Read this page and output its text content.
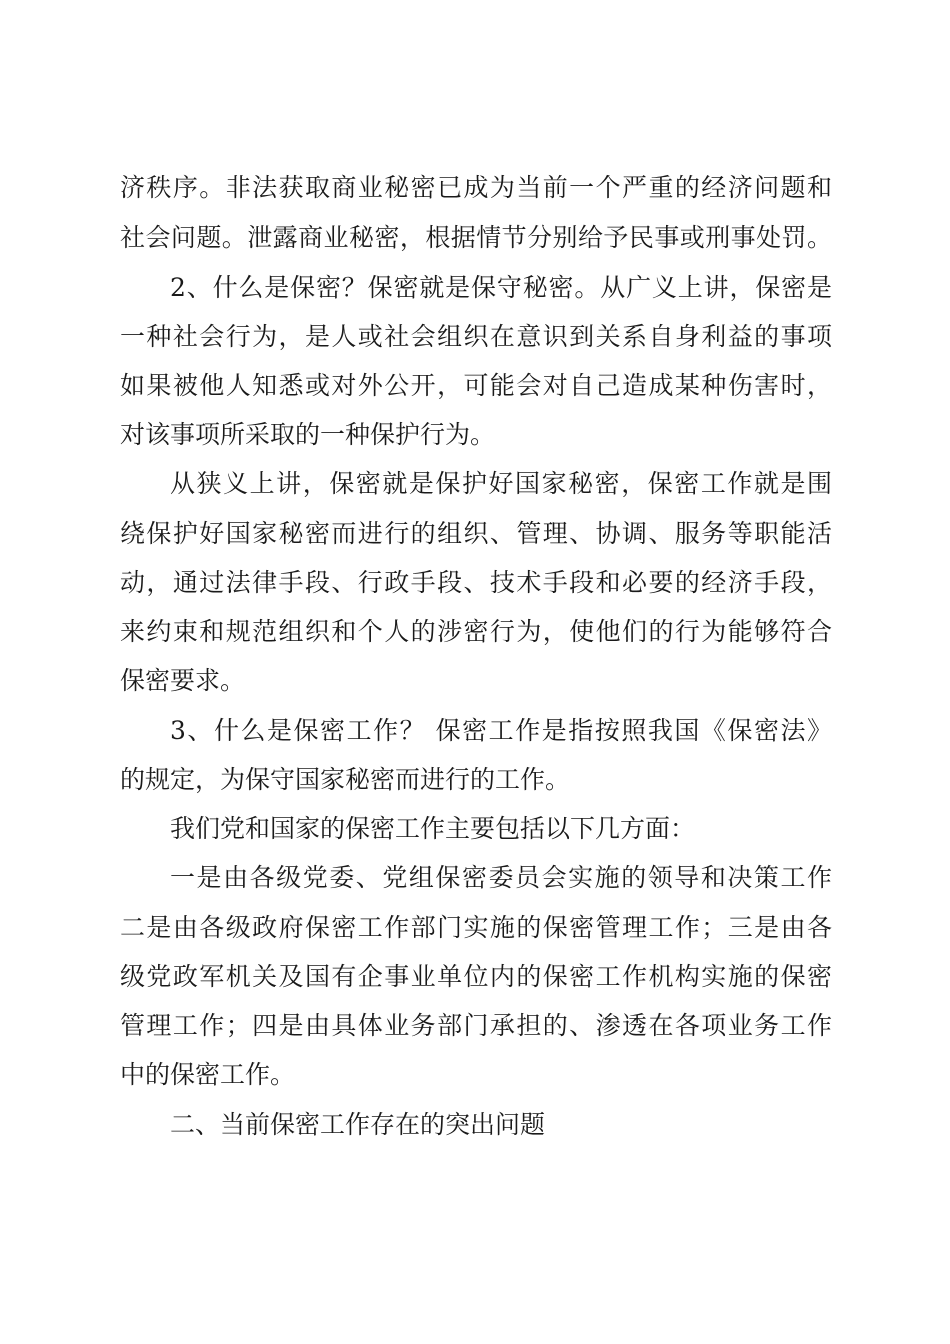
济秩序。非法获取商业秘密已成为当前一个严重的经济问题和
社会问题。泄露商业秘密，根据情节分别给予民事或刑事处罚。
2、什么是保密？保密就是保守秘密。从广义上讲，保密是
一种社会行为，是人或社会组织在意识到关系自身利益的事项
如果被他人知悉或对外公开，可能会对自己造成某种伤害时，
对该事项所采取的一种保护行为。
从狭义上讲，保密就是保护好国家秘密，保密工作就是围
绕保护好国家秘密而进行的组织、管理、协调、服务等职能活
动，通过法律手段、行政手段、技术手段和必要的经济手段，
来约束和规范组织和个人的涉密行为，使他们的行为能够符合
保密要求。
3、什么是保密工作？ 保密工作是指按照我国《保密法》
的规定，为保守国家秘密而进行的工作。
我们党和国家的保密工作主要包括以下几方面：
一是由各级党委、党组保密委员会实施的领导和决策工作
二是由各级政府保密工作部门实施的保密管理工作；三是由各
级党政军机关及国有企事业单位内的保密工作机构实施的保密
管理工作；四是由具体业务部门承担的、渗透在各项业务工作
中的保密工作。
二、当前保密工作存在的突出问题
